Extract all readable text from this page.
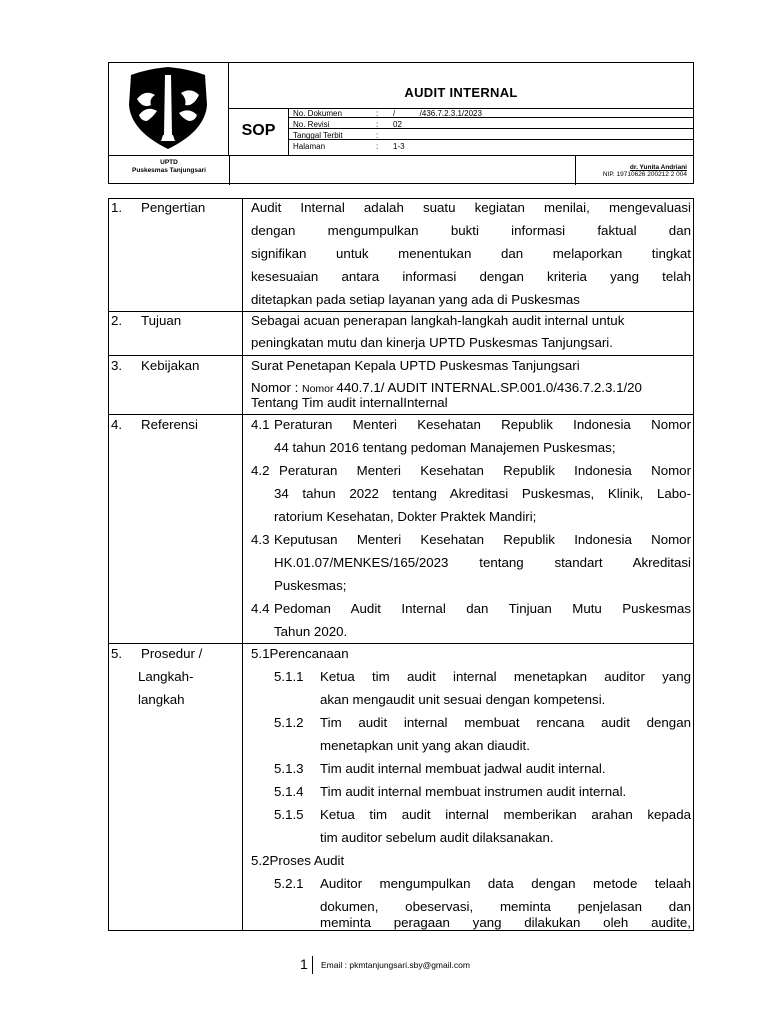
AUDIT INTERNAL
SOP
No. Dokumen	: /           /436.7.2.3.1/2023
No. Revisi	: 02
Tanggal Terbit	:
Halaman	: 1-3
UPTD
Puskesmas Tanjungsari	dr. Yunita Andriani
NIP. 19710626 200212 2 004
1. Pengertian	Audit Internal adalah suatu kegiatan menilai, mengevaluasi
dengan mengumpulkan bukti informasi faktual dan
signifikan untuk menentukan dan melaporkan tingkat
kesesuaian antara informasi dengan kriteria yang telah
ditetapkan pada setiap layanan yang ada di Puskesmas
2. Tujuan	Sebagai acuan penerapan langkah-langkah audit internal untuk
peningkatan mutu dan kinerja UPTD Puskesmas Tanjungsari.
3. Kebijakan	Surat Penetapan Kepala UPTD Puskesmas Tanjungsari
Nomor : Nomor 440.7.1/ AUDIT INTERNAL.SP.001.0/436.7.2.3.1/20
Tentang Tim audit internalInternal
4. Referensi	4.1 Peraturan Menteri Kesehatan Republik Indonesia Nomor
44 tahun 2016 tentang pedoman Manajemen Puskesmas;
4.2 Peraturan Menteri Kesehatan Republik Indonesia Nomor
34 tahun 2022 tentang Akreditasi Puskesmas, Klinik, Labo-
ratorium Kesehatan, Dokter Praktek Mandiri;
4.3 Keputusan Menteri Kesehatan Republik Indonesia Nomor
HK.01.07/MENKES/165/2023 tentang standart Akreditasi
Puskesmas;
4.4 Pedoman Audit Internal dan Tinjuan Mutu Puskesmas
Tahun 2020.
5. Prosedur /
Langkah-
langkah
5.1Perencanaan
5.1.1 Ketua tim audit internal menetapkan auditor yang
akan mengaudit unit sesuai dengan kompetensi.
5.1.2 Tim audit internal membuat rencana audit dengan
menetapkan unit yang akan diaudit.
5.1.3 Tim audit internal membuat jadwal audit internal.
5.1.4 Tim audit internal membuat instrumen audit internal.
5.1.5 Ketua tim audit internal memberikan arahan kepada
tim auditor sebelum audit dilaksanakan.
5.2Proses Audit
5.2.1 Auditor mengumpulkan data dengan metode telaah
dokumen, obeservasi, meminta penjelasan dan
meminta peragaan yang dilakukan oleh audite,
1 Email : pkmtanjungsari.sby@gmail.com
